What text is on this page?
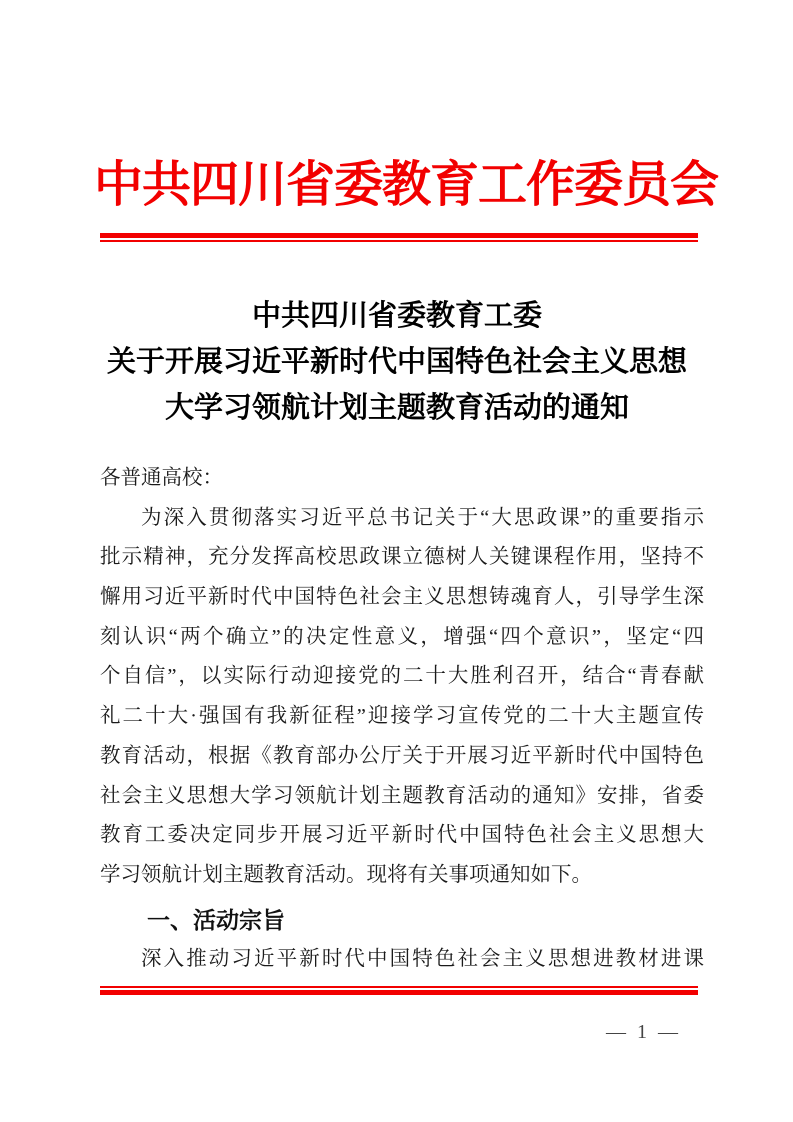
中共四川省委教育工作委员会
中共四川省委教育工委
关于开展习近平新时代中国特色社会主义思想
大学习领航计划主题教育活动的通知
各普通高校：
为深入贯彻落实习近平总书记关于“大思政课”的重要指示
批示精神，充分发挥高校思政课立德树人关键课程作用，坚持不
懈用习近平新时代中国特色社会主义思想铸魂育人，引导学生深
刻认识“两个确立”的决定性意义，增强“四个意识”，坚定“四
个自信”，以实际行动迎接党的二十大胜利召开，结合“青春献
礼二十大·强国有我新征程”迎接学习宣传党的二十大主题宣传
教育活动，根据《教育部办公厅关于开展习近平新时代中国特色
社会主义思想大学习领航计划主题教育活动的通知》安排，省委
教育工委决定同步开展习近平新时代中国特色社会主义思想大
学习领航计划主题教育活动。现将有关事项通知如下。
一、活动宗旨
深入推动习近平新时代中国特色社会主义思想进教材进课
— 1 —
